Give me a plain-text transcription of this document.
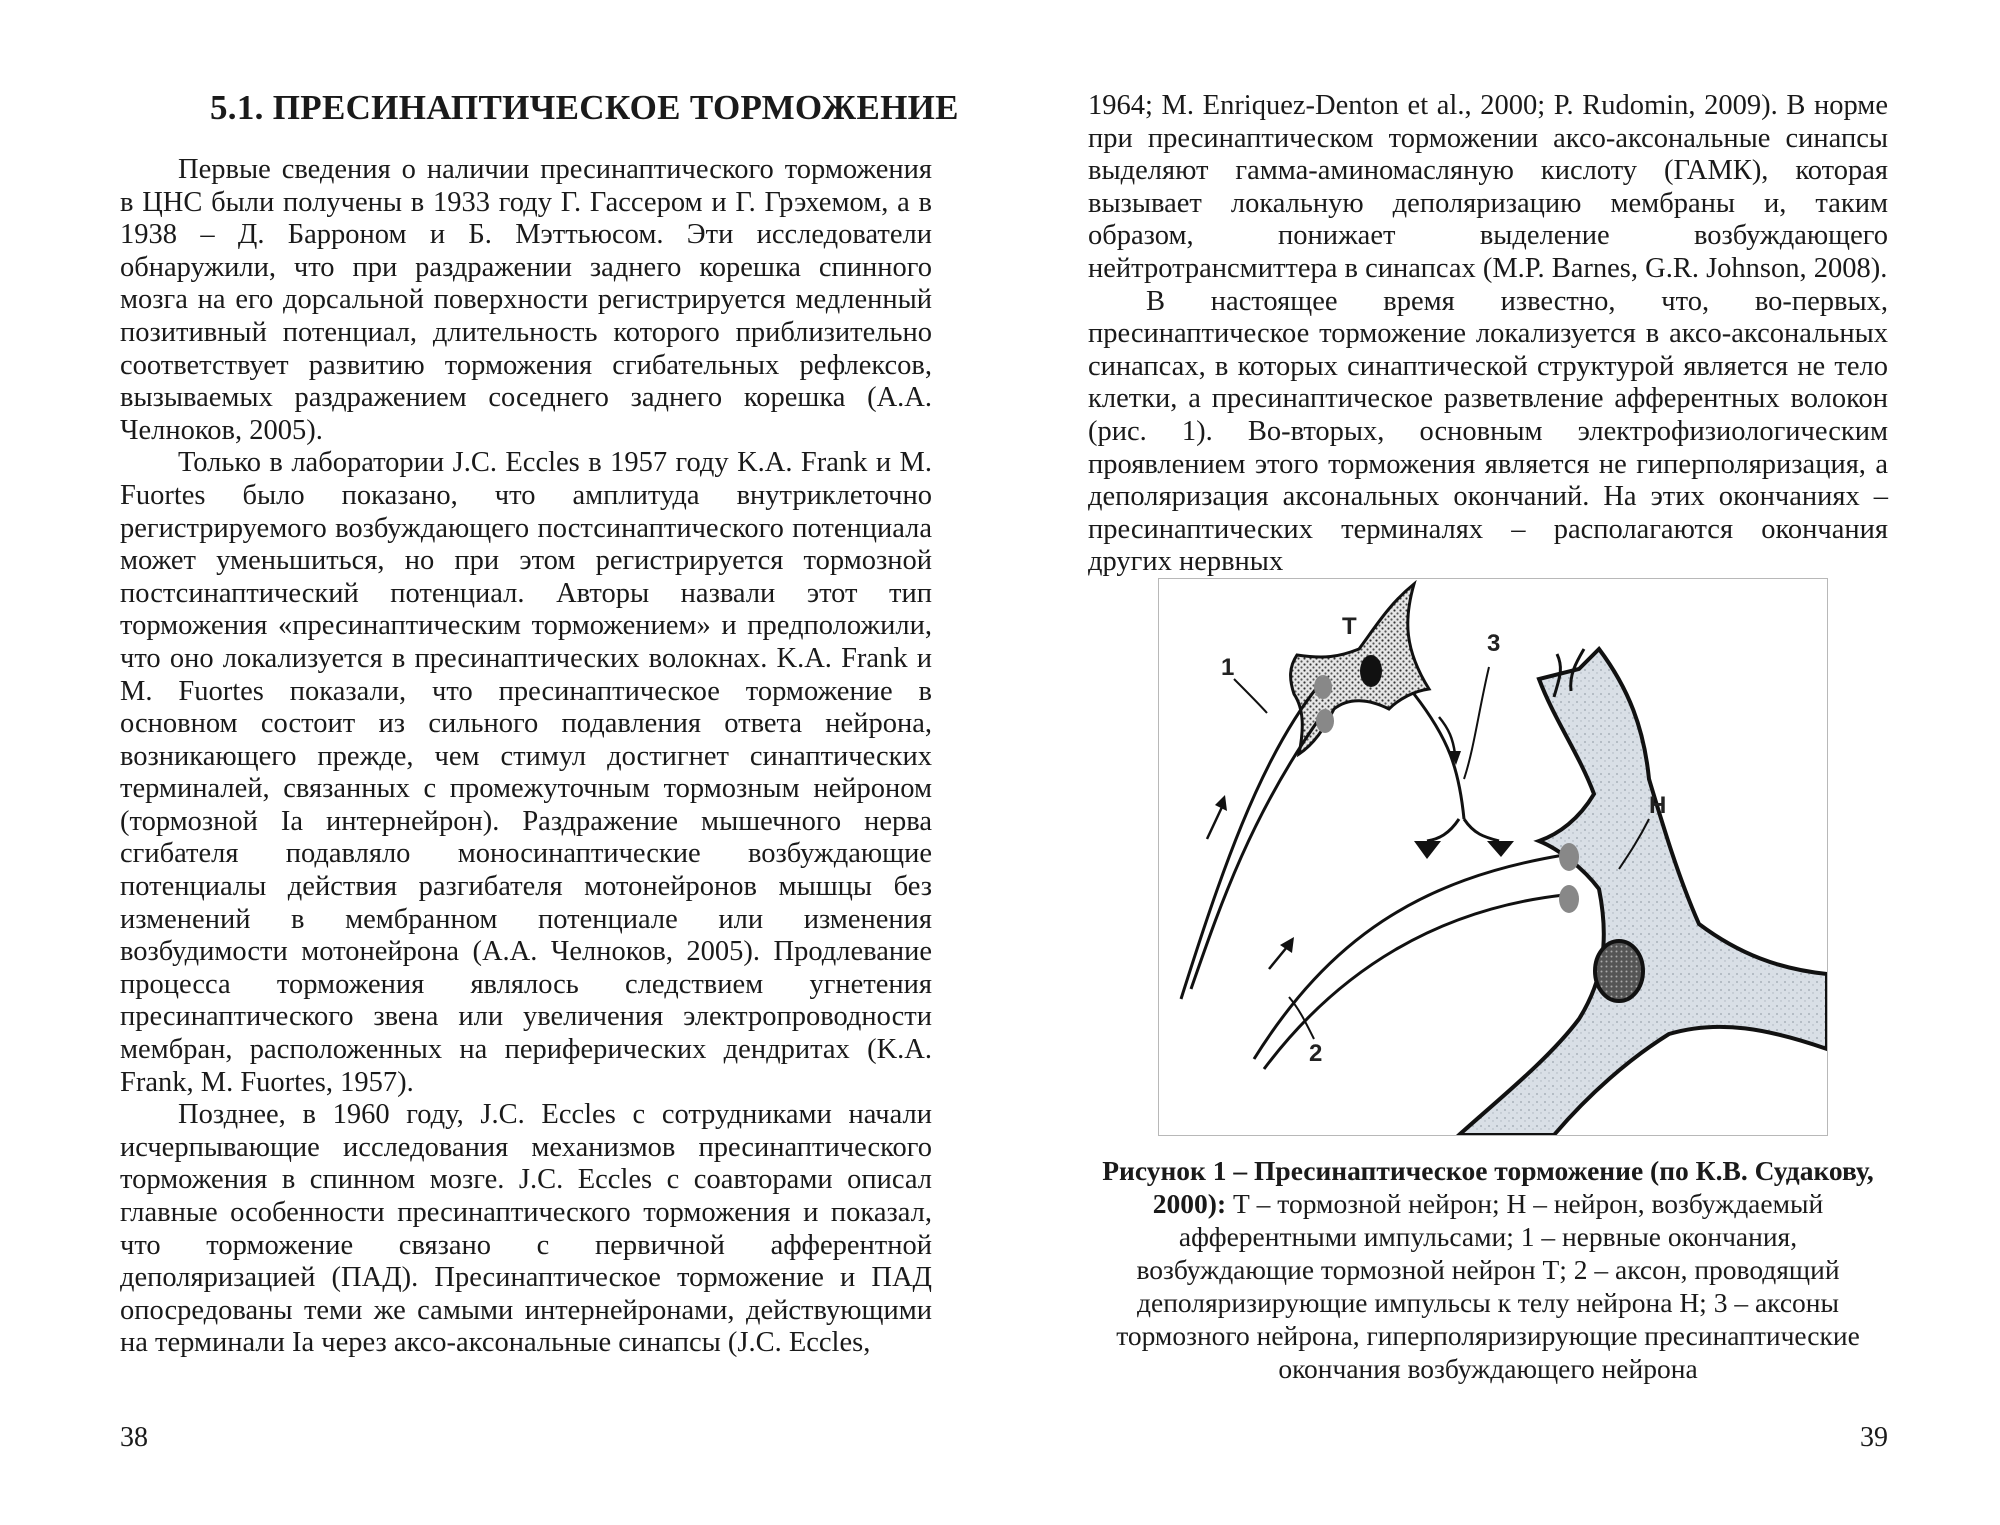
5.1. ПРЕСИНАПТИЧЕСКОЕ ТОРМОЖЕНИЕ

Первые сведения о наличии пресинаптического торможения в ЦНС были получены в 1933 году Г. Гассером и Г. Грэхемом, а в 1938 – Д. Барроном и Б. Мэттьюсом. Эти исследователи обнаружили, что при раздражении заднего корешка спинного мозга на его дорсальной поверхности регистрируется медленный позитивный потенциал, длительность которого приблизительно соответствует развитию торможения сгибательных рефлексов, вызываемых раздражением соседнего заднего корешка (А.А. Челноков, 2005).

Только в лаборатории J.C. Eccles в 1957 году K.A. Frank и M. Fuortes было показано, что амплитуда внутриклеточно регистрируемого возбуждающего постсинаптического потенциала может уменьшиться, но при этом регистрируется тормозной постсинаптический потенциал. Авторы назвали этот тип торможения «пресинаптическим торможением» и предположили, что оно локализуется в пресинаптических волокнах. K.A. Frank и M. Fuortes показали, что пресинаптическое торможение в основном состоит из сильного подавления ответа нейрона, возникающего прежде, чем стимул достигнет синаптических терминалей, связанных с промежуточным тормозным нейроном (тормозной Ia интернейрон). Раздражение мышечного нерва сгибателя подавляло моносинаптические возбуждающие потенциалы действия разгибателя мотонейронов мышцы без изменений в мембранном потенциале или изменения возбудимости мотонейрона (А.А. Челноков, 2005). Продлевание процесса торможения являлось следствием угнетения пресинаптического звена или увеличения электропроводности мембран, расположенных на периферических дендритах (K.A. Frank, M. Fuortes, 1957).

Позднее, в 1960 году, J.C. Eccles с сотрудниками начали исчерпывающие исследования механизмов пресинаптического торможения в спинном мозге. J.C. Eccles с соавторами описал главные особенности пресинаптического торможения и показал, что торможение связано с первичной афферентной деполяризацией (ПАД). Пресинаптическое торможение и ПАД опосредованы теми же самыми интернейронами, действующими на терминали Ia через аксо-аксональные синапсы (J.C. Eccles,

38

1964; M. Enriquez-Denton et al., 2000; P. Rudomin, 2009). В норме при пресинаптическом торможении аксо-аксональные синапсы выделяют гамма-аминомасляную кислоту (ГАМК), которая вызывает локальную деполяризацию мембраны и, таким образом, понижает выделение возбуждающего нейтротрансмиттера в синапсах (M.P. Barnes, G.R. Johnson, 2008).

В настоящее время известно, что, во-первых, пресинаптическое торможение локализуется в аксо-аксональных синапсах, в которых синаптической структурой является не тело клетки, а пресинаптическое разветвление афферентных волокон (рис. 1). Во-вторых, основным электрофизиологическим проявлением этого торможения является не гиперполяризация, а деполяризация аксональных окончаний. На этих окончаниях – пресинаптических терминалях – располагаются окончания других нервных

Т
1
3
Н
2
Рисунок 1 – Пресинаптическое торможение (по К.В. Судакову, 2000): Т – тормозной нейрон; Н – нейрон, возбуждаемый афферентными импульсами; 1 – нервные окончания, возбуждающие тормозной нейрон Т; 2 – аксон, проводящий деполяризирующие импульсы к телу нейрона Н; 3 – аксоны тормозного нейрона, гиперполяризирующие пресинаптические окончания возбуждающего нейрона
39
